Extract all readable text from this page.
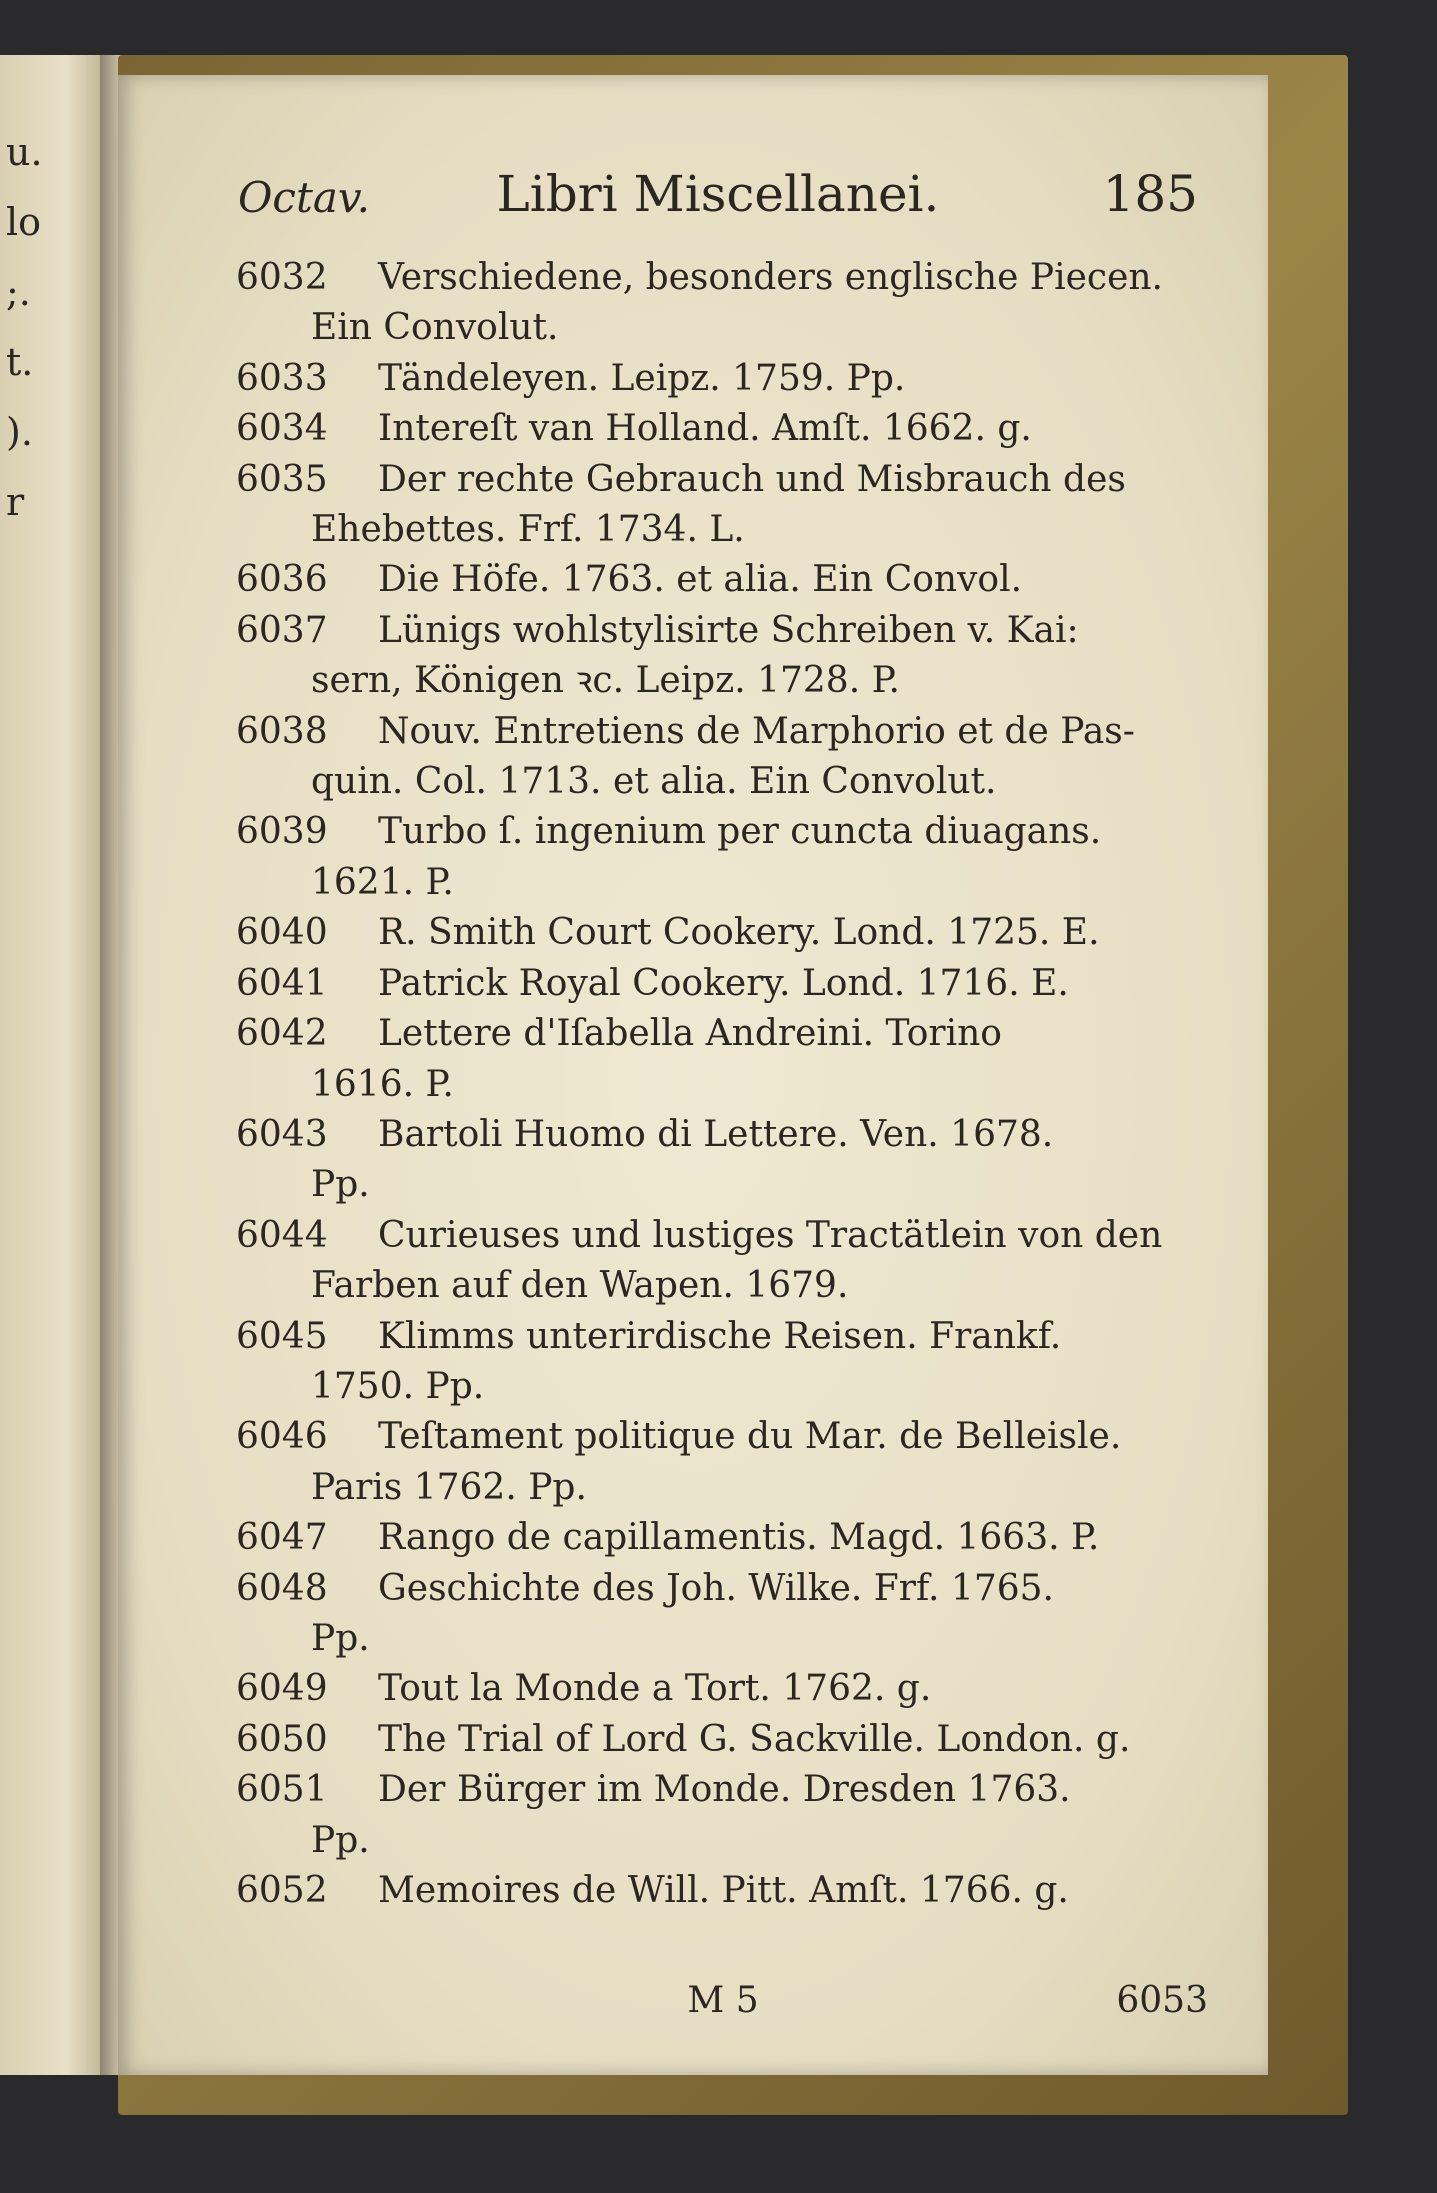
u.
lo
;.
t.
).
r
Octav.	Libri Miscellanei.	185
6032 Verschiedene, besonders englische Piecen.
Ein Convolut.
6033 Tändeleyen. Leipz. 1759. Pp.
6034 Intereſt van Holland. Amſt. 1662. g.
6035 Der rechte Gebrauch und Misbrauch des
Ehebettes. Frf. 1734. L.
6036 Die Höfe. 1763. et alia. Ein Convol.
6037 Lünigs wohlstylisirte Schreiben v. Kai:
sern, Königen ꝛc. Leipz. 1728. P.
6038 Nouv. Entretiens de Marphorio et de Pas-
quin. Col. 1713. et alia. Ein Convolut.
6039 Turbo ſ. ingenium per cuncta diuagans.
1621. P.
6040 R. Smith Court Cookery. Lond. 1725. E.
6041 Patrick Royal Cookery. Lond. 1716. E.
6042 Lettere d'Iſabella Andreini. Torino
1616. P.
6043 Bartoli Huomo di Lettere. Ven. 1678.
Pp.
6044 Curieuses und lustiges Tractätlein von den
Farben auf den Wapen. 1679.
6045 Klimms unterirdische Reisen. Frankf.
1750. Pp.
6046 Teſtament politique du Mar. de Belleisle.
Paris 1762. Pp.
6047 Rango de capillamentis. Magd. 1663. P.
6048 Geschichte des Joh. Wilke. Frf. 1765.
Pp.
6049 Tout la Monde a Tort. 1762. g.
6050 The Trial of Lord G. Sackville. London. g.
6051 Der Bürger im Monde. Dresden 1763.
Pp.
6052 Memoires de Will. Pitt. Amſt. 1766. g.
M 5	6053
